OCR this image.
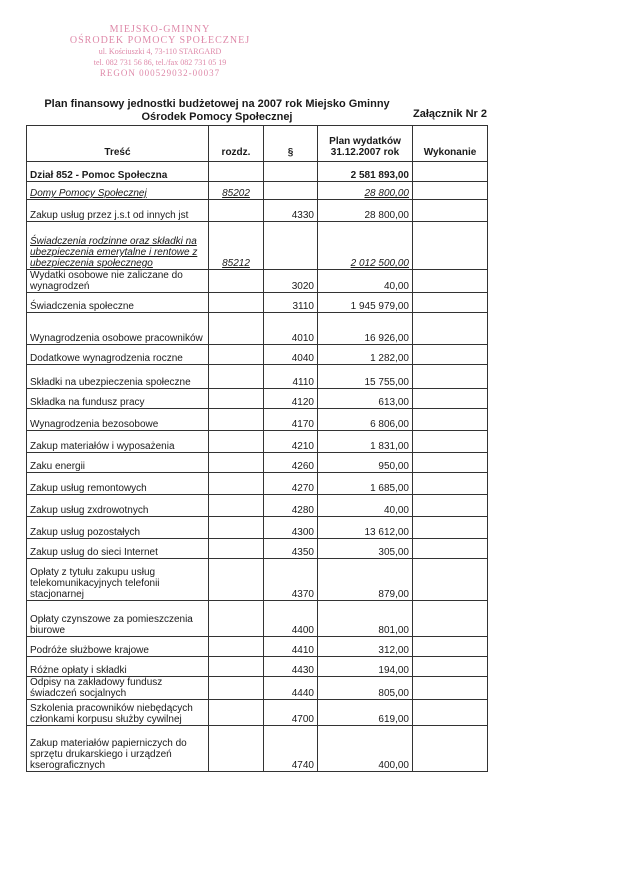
MIEJSKO-GMINNY
OŚRODEK POMOCY SPOŁECZNEJ
ul. Kościuszki 4, 73-110 STARGARD
tel. 082 731 56 86, tel./fax 082 731 05 19
REGON 000529032-00037
Plan finansowy jednostki budżetowej na 2007 rok Miejsko Gminny Ośrodek Pomocy Społecznej	Załącznik Nr 2
Treść	rozdz.	§	Plan wydatków 31.12.2007 rok	Wykonanie
Dział 852 - Pomoc Społeczna			2 581 893,00	
Domy Pomocy Społecznej	85202		28 800,00	
Zakup usług przez j.s.t od innych jst		4330	28 800,00	
Świadczenia rodzinne oraz składki na ubezpieczenia emerytalne i rentowe z ubezpieczenia społecznego	85212		2 012 500,00	
Wydatki osobowe nie zaliczane do wynagrodzeń		3020	40,00	
Świadczenia społeczne		3110	1 945 979,00	
Wynagrodzenia osobowe pracowników		4010	16 926,00	
Dodatkowe wynagrodzenia roczne		4040	1 282,00	
Składki na ubezpieczenia społeczne		4110	15 755,00	
Składka na fundusz pracy		4120	613,00	
Wynagrodzenia bezosobowe		4170	6 806,00	
Zakup materiałów i wyposażenia		4210	1 831,00	
Zaku energii		4260	950,00	
Zakup usług remontowych		4270	1 685,00	
Zakup usług zxdrowotnych		4280	40,00	
Zakup usług pozostałych		4300	13 612,00	
Zakup usług do sieci Internet		4350	305,00	
Opłaty z tytułu zakupu usług telekomunikacyjnych telefonii stacjonarnej		4370	879,00	
Opłaty czynszowe za pomieszczenia biurowe		4400	801,00	
Podróże służbowe krajowe		4410	312,00	
Różne opłaty i składki		4430	194,00	
Odpisy na zakładowy fundusz świadczeń socjalnych		4440	805,00	
Szkolenia pracowników niebędących członkami korpusu służby cywilnej		4700	619,00	
Zakup materiałów papierniczych do sprzętu drukarskiego i urządzeń kserograficznych		4740	400,00	
